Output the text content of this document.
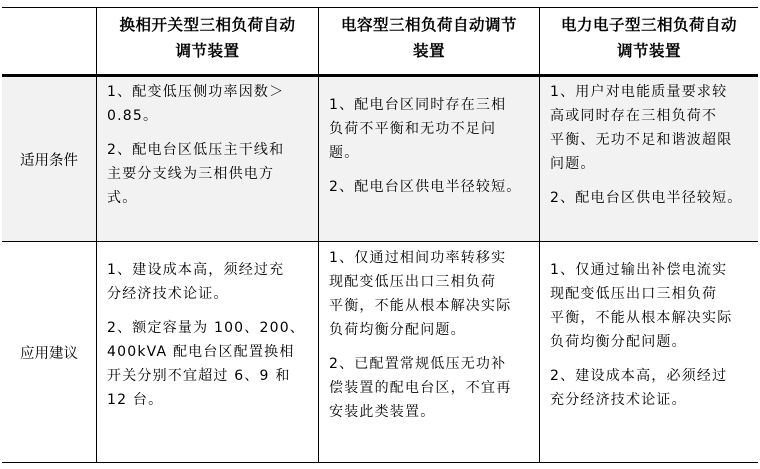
换相开关型三相负荷自动
调节装置
电容型三相负荷自动调节
装置
电力电子型三相负荷自动
调节装置
适用条件

1、配变低压侧功率因数＞
0.85。

2、配电台区低压主干线和
主要分支线为三相供电方
式。

1、配电台区同时存在三相
负荷不平衡和无功不足问
题。

2、配电台区供电半径较短。

1、用户对电能质量要求较
高或同时存在三相负荷不
平衡、无功不足和谐波超限
问题。

2、配电台区供电半径较短。

应用建议

1、建设成本高，须经过充
分经济技术论证。

2、额定容量为 100、200、
400kVA 配电台区配置换相
开关分别不宜超过 6、9 和
12 台。

1、仅通过相间功率转移实
现配变低压出口三相负荷
平衡，不能从根本解决实际
负荷均衡分配问题。

2、已配置常规低压无功补
偿装置的配电台区，不宜再
安装此类装置。

1、仅通过输出补偿电流实
现配变低压出口三相负荷
平衡，不能从根本解决实际
负荷均衡分配问题。

2、建设成本高，必须经过
充分经济技术论证。
